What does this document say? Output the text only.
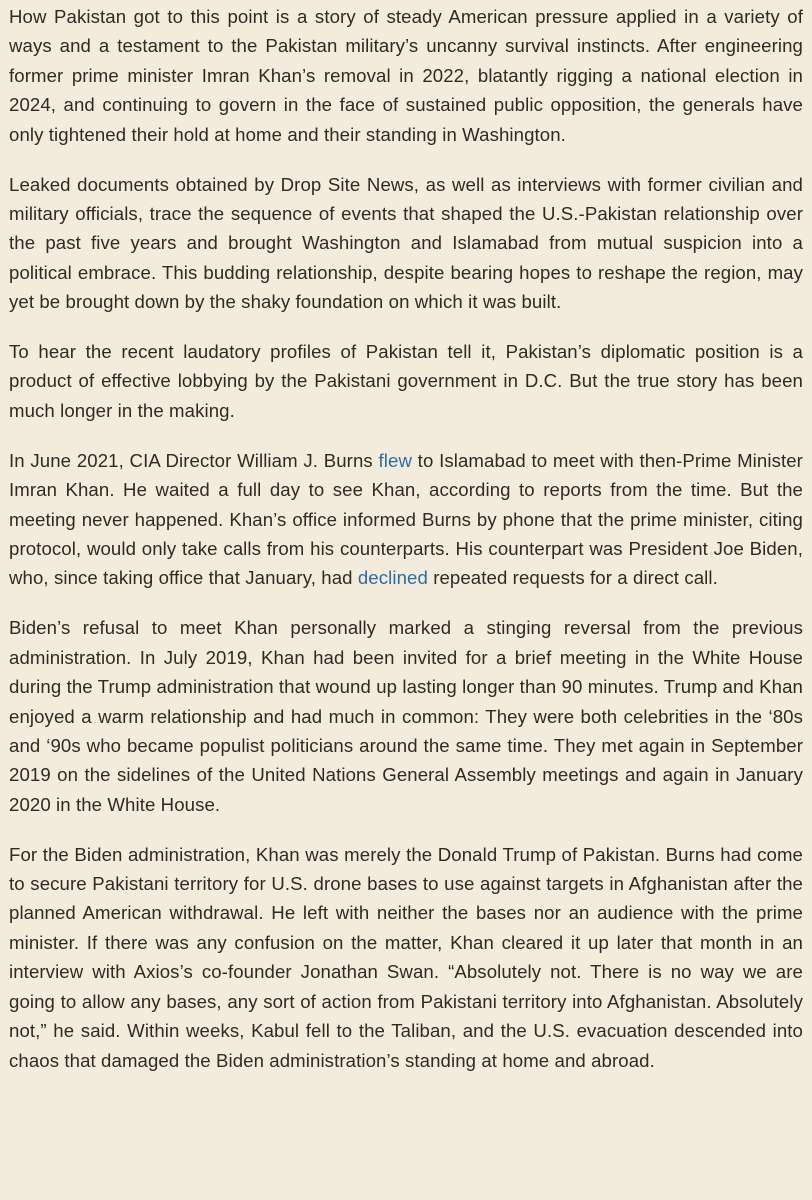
How Pakistan got to this point is a story of steady American pressure applied in a variety of ways and a testament to the Pakistan military’s uncanny survival instincts. After engineering former prime minister Imran Khan’s removal in 2022, blatantly rigging a national election in 2024, and continuing to govern in the face of sustained public opposition, the generals have only tightened their hold at home and their standing in Washington.

Leaked documents obtained by Drop Site News, as well as interviews with former civilian and military officials, trace the sequence of events that shaped the U.S.-Pakistan relationship over the past five years and brought Washington and Islamabad from mutual suspicion into a political embrace. This budding relationship, despite bearing hopes to reshape the region, may yet be brought down by the shaky foundation on which it was built.

To hear the recent laudatory profiles of Pakistan tell it, Pakistan’s diplomatic position is a product of effective lobbying by the Pakistani government in D.C. But the true story has been much longer in the making.

In June 2021, CIA Director William J. Burns flew to Islamabad to meet with then-Prime Minister Imran Khan. He waited a full day to see Khan, according to reports from the time. But the meeting never happened. Khan’s office informed Burns by phone that the prime minister, citing protocol, would only take calls from his counterparts. His counterpart was President Joe Biden, who, since taking office that January, had declined repeated requests for a direct call.

Biden’s refusal to meet Khan personally marked a stinging reversal from the previous administration. In July 2019, Khan had been invited for a brief meeting in the White House during the Trump administration that wound up lasting longer than 90 minutes. Trump and Khan enjoyed a warm relationship and had much in common: They were both celebrities in the ‘80s and ‘90s who became populist politicians around the same time. They met again in September 2019 on the sidelines of the United Nations General Assembly meetings and again in January 2020 in the White House.

For the Biden administration, Khan was merely the Donald Trump of Pakistan. Burns had come to secure Pakistani territory for U.S. drone bases to use against targets in Afghanistan after the planned American withdrawal. He left with neither the bases nor an audience with the prime minister. If there was any confusion on the matter, Khan cleared it up later that month in an interview with Axios’s co-founder Jonathan Swan. “Absolutely not. There is no way we are going to allow any bases, any sort of action from Pakistani territory into Afghanistan. Absolutely not,” he said. Within weeks, Kabul fell to the Taliban, and the U.S. evacuation descended into chaos that damaged the Biden administration’s standing at home and abroad.
